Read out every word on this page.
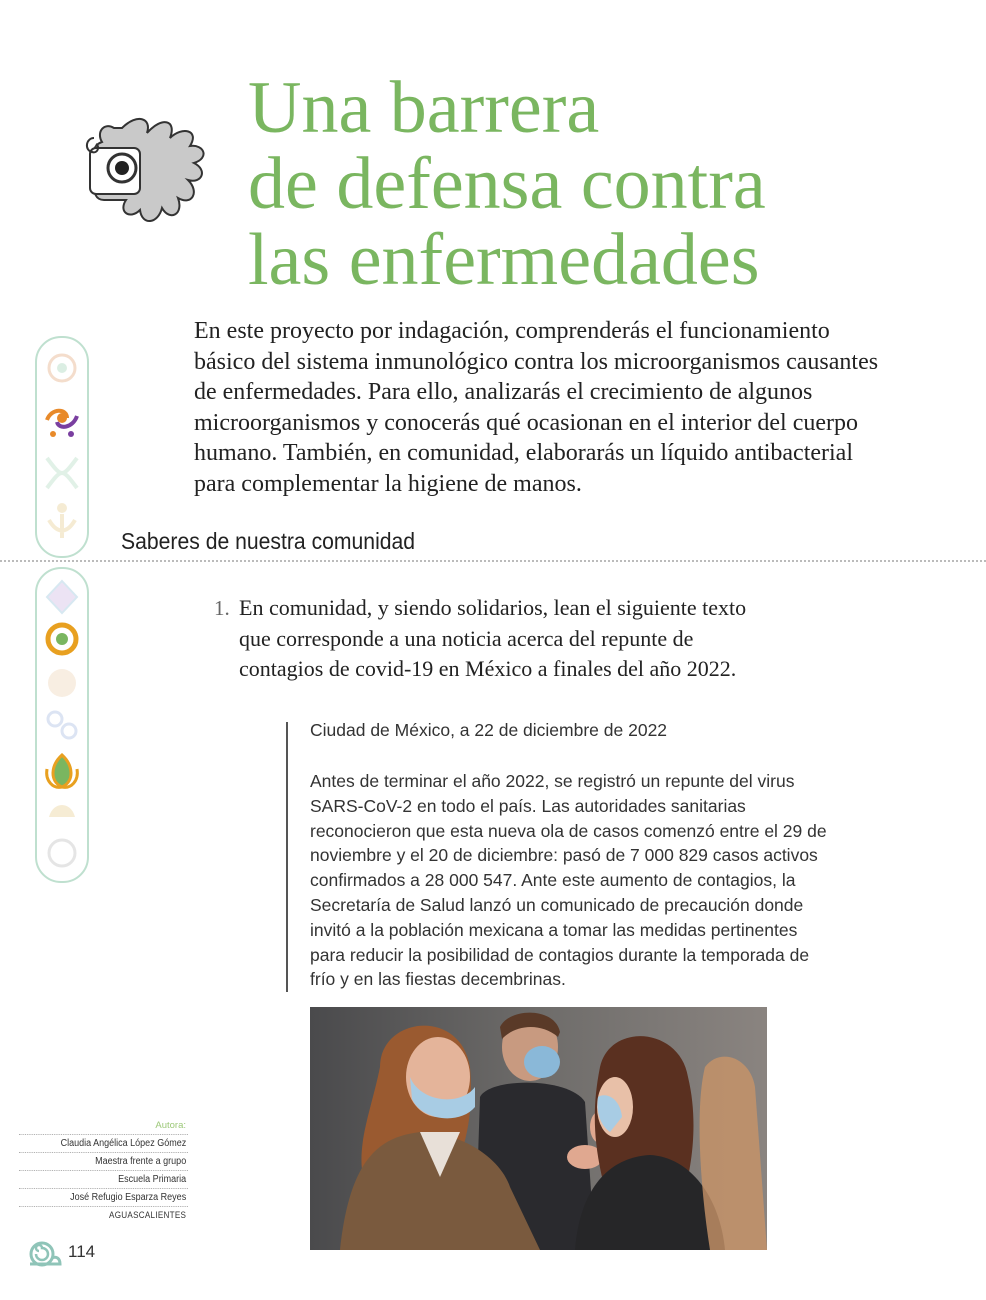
Una barrera
de defensa contra
las enfermedades

En este proyecto por indagación, comprenderás el funcionamiento básico del sistema inmunológico contra los microorganismos causantes de enfermedades. Para ello, analizarás el crecimiento de algunos microorganismos y conocerás qué ocasionan en el interior del cuerpo humano. También, en comunidad, elaborarás un líquido antibacterial para complementar la higiene de manos.

Saberes de nuestra comunidad
1. En comunidad, y siendo solidarios, lean el siguiente texto que corresponde a una noticia acerca del repunte de contagios de covid-19 en México a finales del año 2022.

Ciudad de México, a 22 de diciembre de 2022

Antes de terminar el año 2022, se registró un repunte del virus SARS-CoV-2 en todo el país. Las autoridades sanitarias reconocieron que esta nueva ola de casos comenzó entre el 29 de noviembre y el 20 de diciembre: pasó de 7 000 829 casos activos confirmados a 28 000 547. Ante este aumento de contagios, la Secretaría de Salud lanzó un comunicado de precaución donde invitó a la población mexicana a tomar las medidas pertinentes para reducir la posibilidad de contagios durante la temporada de frío y en las fiestas decembrinas.

Autora:
Claudia Angélica López Gómez
Maestra frente a grupo
Escuela Primaria
José Refugio Esparza Reyes
AGUASCALIENTES
114
